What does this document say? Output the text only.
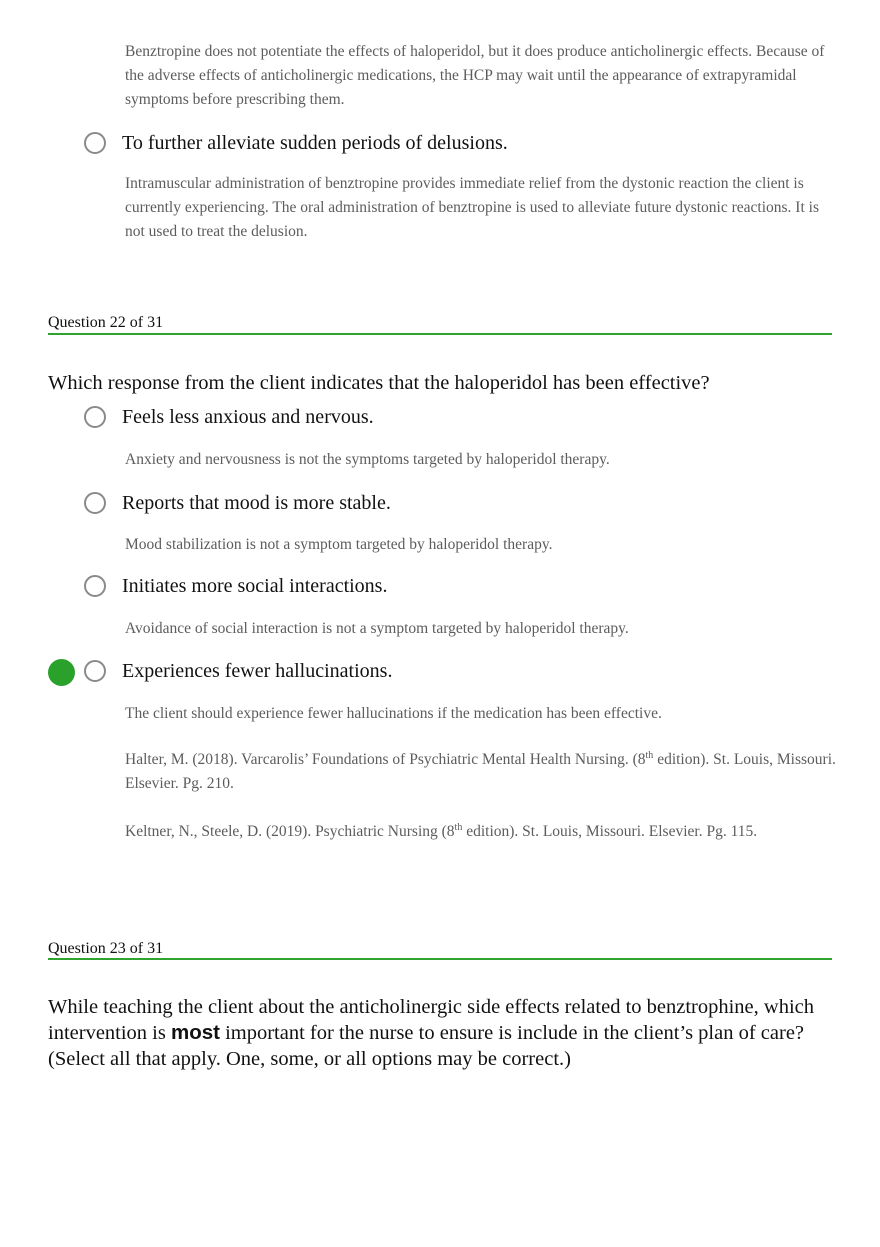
Benztropine does not potentiate the effects of haloperidol, but it does produce anticholinergic effects. Because of the adverse effects of anticholinergic medications, the HCP may wait until the appearance of extrapyramidal symptoms before prescribing them.
To further alleviate sudden periods of delusions.
Intramuscular administration of benztropine provides immediate relief from the dystonic reaction the client is currently experiencing. The oral administration of benztropine is used to alleviate future dystonic reactions. It is not used to treat the delusion.
Question 22 of 31
Which response from the client indicates that the haloperidol has been effective?
Feels less anxious and nervous.
Anxiety and nervousness is not the symptoms targeted by haloperidol therapy.
Reports that mood is more stable.
Mood stabilization is not a symptom targeted by haloperidol therapy.
Initiates more social interactions.
Avoidance of social interaction is not a symptom targeted by haloperidol therapy.
Experiences fewer hallucinations.
The client should experience fewer hallucinations if the medication has been effective.
Halter, M. (2018). Varcarolis’ Foundations of Psychiatric Mental Health Nursing. (8th edition). St. Louis, Missouri. Elsevier. Pg. 210.
Keltner, N., Steele, D. (2019). Psychiatric Nursing (8th edition). St. Louis, Missouri. Elsevier. Pg. 115.
Question 23 of 31
While teaching the client about the anticholinergic side effects related to benztrophine, which intervention is most important for the nurse to ensure is include in the client’s plan of care? (Select all that apply. One, some, or all options may be correct.)
